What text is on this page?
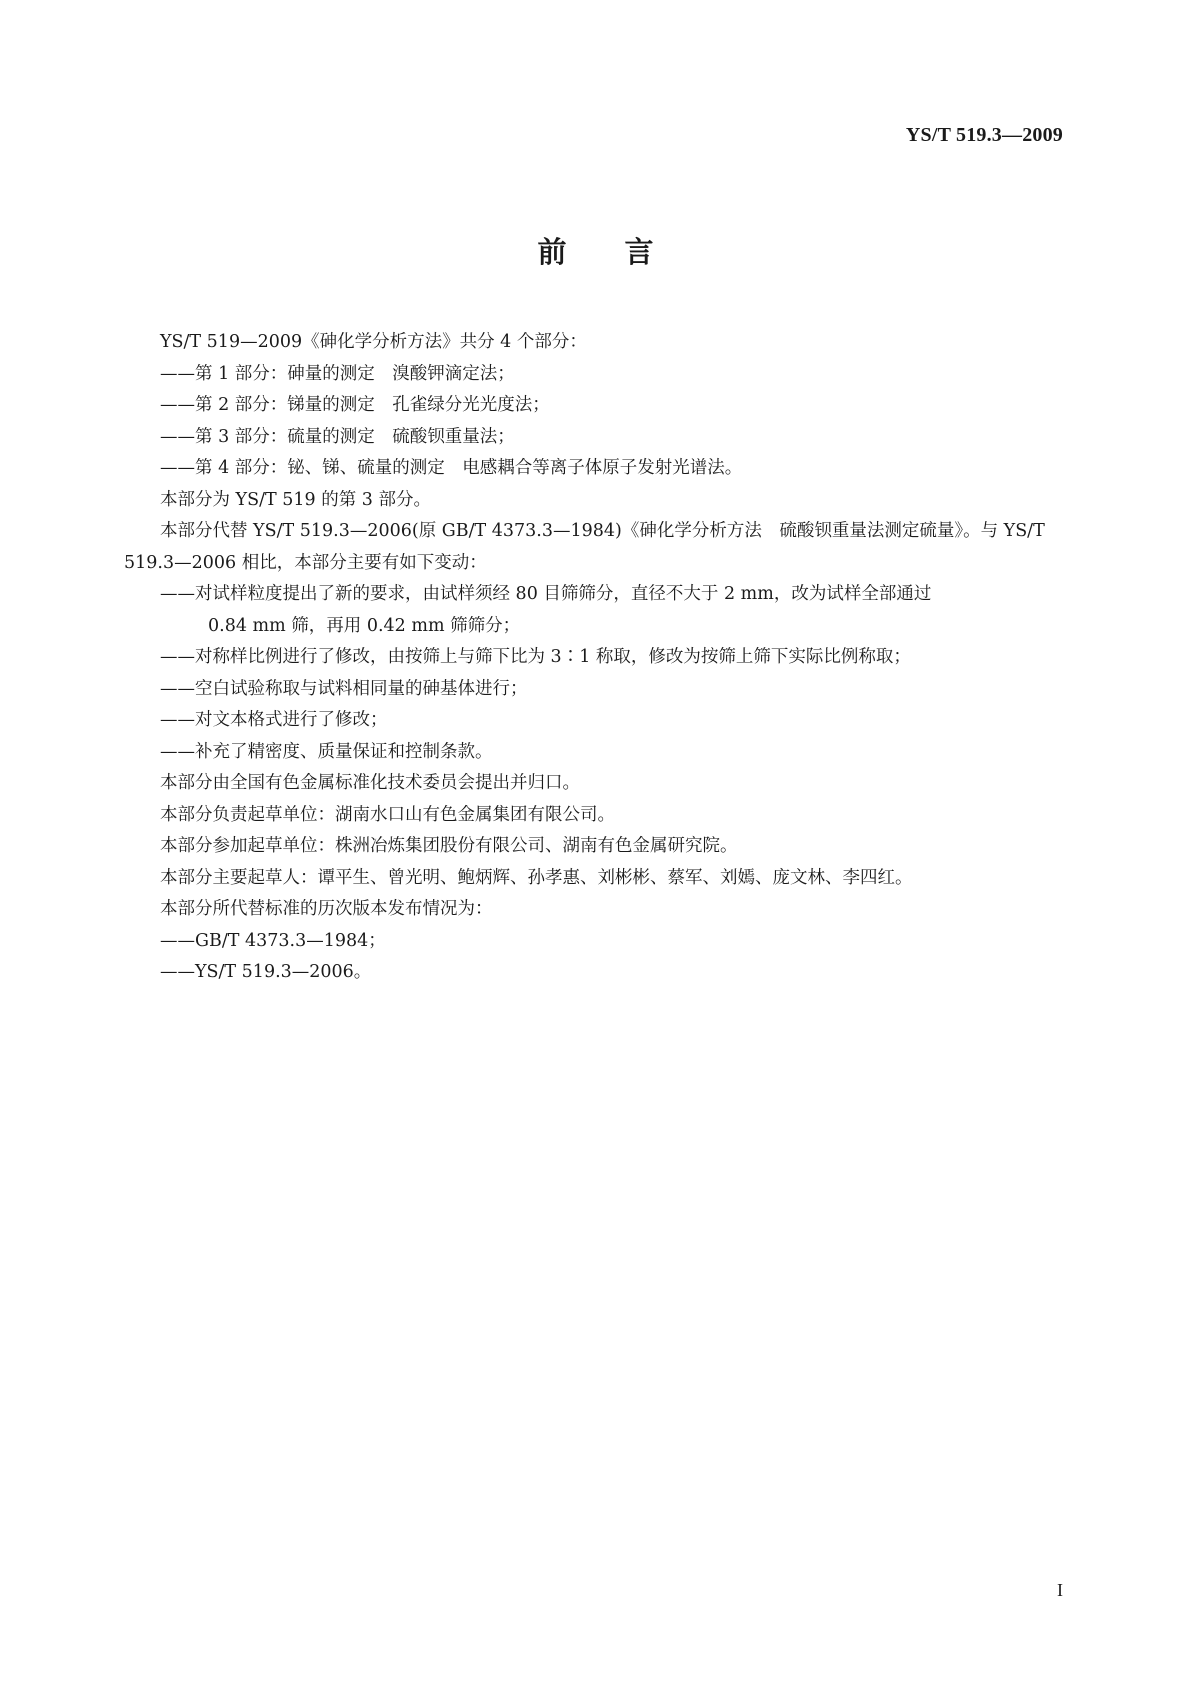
YS/T 519.3—2009
前 言

YS/T 519—2009《砷化学分析方法》共分 4 个部分：

——第 1 部分：砷量的测定　溴酸钾滴定法；

——第 2 部分：锑量的测定　孔雀绿分光光度法；

——第 3 部分：硫量的测定　硫酸钡重量法；

——第 4 部分：铋、锑、硫量的测定　电感耦合等离子体原子发射光谱法。

本部分为 YS/T 519 的第 3 部分。

本部分代替 YS/T 519.3—2006(原 GB/T 4373.3—1984)《砷化学分析方法　硫酸钡重量法测定硫量》。与 YS/T 519.3—2006 相比，本部分主要有如下变动：

——对试样粒度提出了新的要求，由试样须经 80 目筛筛分，直径不大于 2 mm，改为试样全部通过

0.84 mm 筛，再用 0.42 mm 筛筛分；

——对称样比例进行了修改，由按筛上与筛下比为 3∶1 称取，修改为按筛上筛下实际比例称取；

——空白试验称取与试料相同量的砷基体进行；

——对文本格式进行了修改；

——补充了精密度、质量保证和控制条款。

本部分由全国有色金属标准化技术委员会提出并归口。

本部分负责起草单位：湖南水口山有色金属集团有限公司。

本部分参加起草单位：株洲冶炼集团股份有限公司、湖南有色金属研究院。

本部分主要起草人：谭平生、曾光明、鲍炳辉、孙孝惠、刘彬彬、蔡军、刘嫣、庞文林、李四红。

本部分所代替标准的历次版本发布情况为：

——GB/T 4373.3—1984；

——YS/T 519.3—2006。

I
